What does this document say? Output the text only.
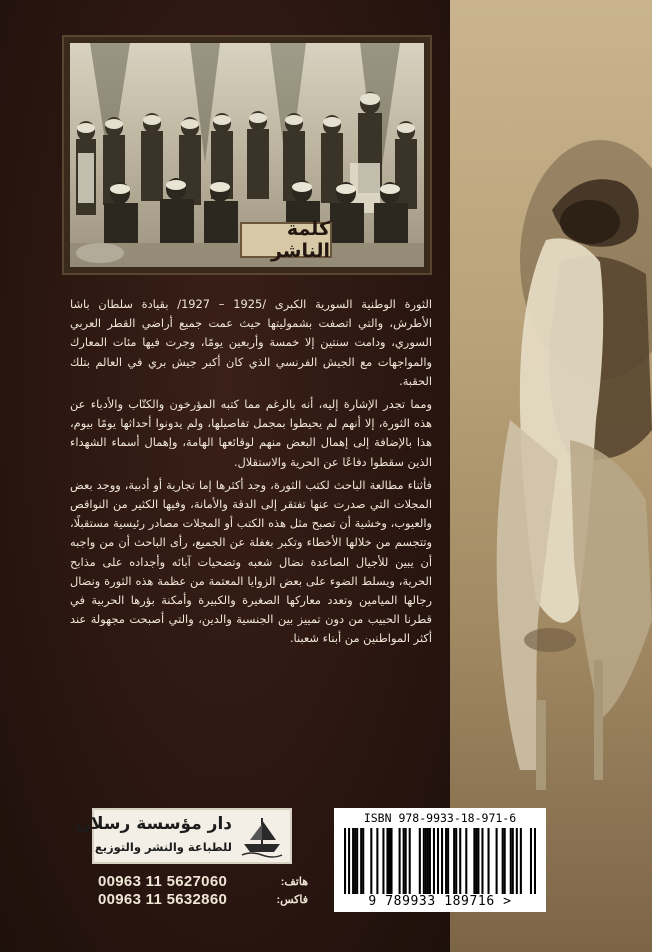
كلمة الناشر

الثورة الوطنية السورية الكبرى /1925 – 1927/ بقيادة سلطان باشا الأطرش، والتي اتصفت بشموليتها حيث عمت جميع أراضي القطر العربي السوري، ودامت سنتين إلا خمسة وأربعين يومًا، وجرت فيها مئات المعارك والمواجهات مع الجيش الفرنسي الذي كان أكبر جيش بري في العالم بتلك الحقبة.

ومما تجدر الإشارة إليه، أنه بالرغم مما كتبه المؤرخون والكتّاب والأدباء عن هذه الثورة، إلا أنهم لم يحيطوا بمجمل تفاصيلها، ولم يدونوا أحداثها يومًا بيوم، هذا بالإضافة إلى إهمال البعض منهم لوقائعها الهامة، وإهمال أسماء الشهداء الذين سقطوا دفاعًا عن الحرية والاستقلال.

فأثناء مطالعة الباحث لكتب الثورة، وجد أكثرها إما تجارية أو أدبية، ووجد بعض المجلات التي صدرت عنها تفتقر إلى الدقة والأمانة، وفيها الكثير من النواقص والعيوب، وخشية أن تصبح مثل هذه الكتب أو المجلات مصادر رئيسية مستقبلًا، وتتجسم من خلالها الأخطاء وتكبر بغفلة عن الجميع، رأى الباحث أن من واجبه أن يبين للأجيال الصاعدة نضال شعبه وتضحيات آبائه وأجداده على مذابح الحرية، ويسلط الضوء على بعض الزوايا المعتمة من عظمة هذه الثورة ونضال رجالها الميامين وتعدد معاركها الصغيرة والكبيرة وأمكنة بؤرها الحربية في قطرنا الحبيب من دون تمييز بين الجنسية والدين، والتي أصبحت مجهولة عند أكثر المواطنين من أبناء شعبنا.

دار مؤسسة رسلان
للطباعة والنشر والتوزيع
00963 11 5627060	هاتف:
00963 11 5632860	فاكس:
ISBN 978-9933-18-971-6
9 789933 189716 >
